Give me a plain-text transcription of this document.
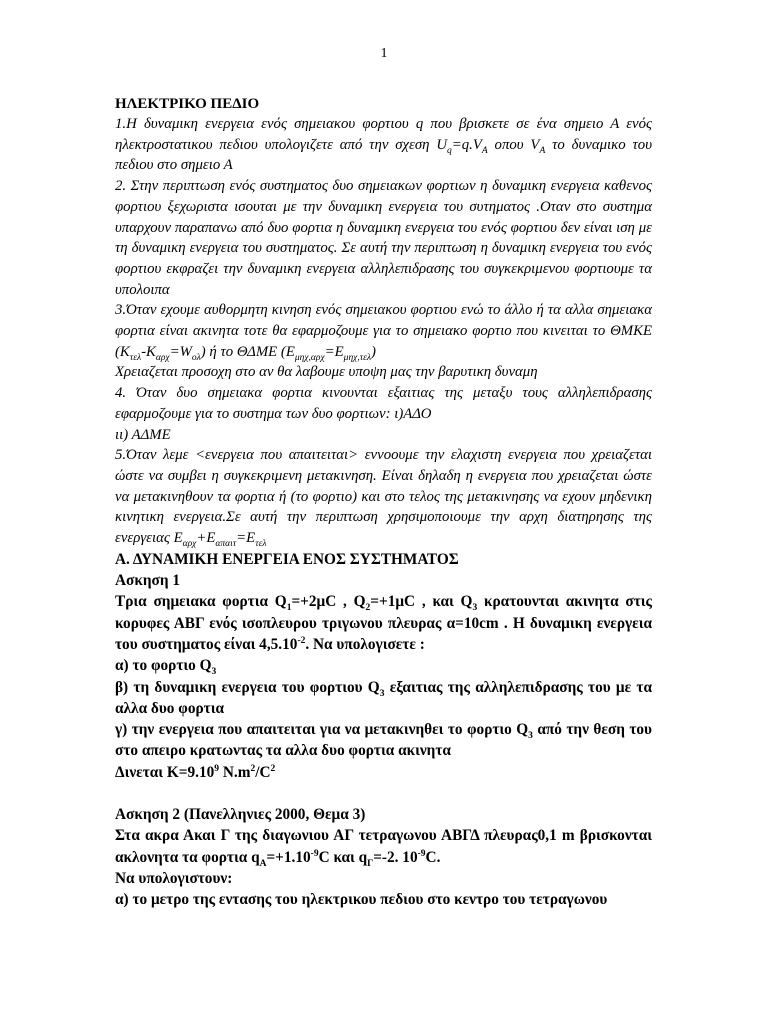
1

ΗΛΕΚΤΡΙΚΟ ΠΕΔΙΟ

1.Η δυναμικη ενεργεια ενός σημειακου φορτιου q που βρισκετε σε ένα σημειο Α ενός ηλεκτροστατικου πεδιου υπολογιζετε από την σχεση $U_q=q.V_A$ οπου $V_A$ το δυναμικο του πεδιου στο σημειο Α

2. Στην περιπτωση ενός συστηματος δυο σημειακων φορτιων η δυναμικη ενεργεια καθενος φορτιου ξεχωριστα ισουται με την δυναμικη ενεργεια του συτηματος .Οταν στο συστημα υπαρχουν παραπανω από δυο φορτια η δυναμικη ενεργεια του ενός φορτιου δεν είναι ιση με τη δυναμικη ενεργεια του συστηματος. Σε αυτή την περιπτωση η δυναμικη ενεργεια του ενός φορτιου εκφραζει την δυναμικη ενεργεια αλληλεπιδρασης του συγκεκριμενου φορτιουμε τα υπολοιπα

3.Όταν εχουμε αυθορμητη κινηση ενός σημειακου φορτιου ενώ το άλλο ή τα αλλα σημειακα φορτια είναι ακινητα τοτε θα εφαρμοζουμε για το σημειακο φορτιο που κινειται το ΘΜΚΕ $(K_{\tau\varepsilon\lambda}-K_{\alpha\rho\chi}=W_{o\lambda})$ ή το ΘΔΜΕ $(E_{\mu\eta\chi,\alpha\rho\chi}=E_{\mu\eta\chi,\tau\varepsilon\lambda})$

Χρειαζεται προσοχη στο αν θα λαβουμε υποψη μας την βαρυτικη δυναμη

4. Όταν δυο σημειακα φορτια κινουνται εξαιτιας της μεταξυ τους αλληλεπιδρασης εφαρμοζουμε για το συστημα των δυο φορτιων: ι)ΑΔΟ

ιι) ΑΔΜΕ

5.Όταν λεμε <ενεργεια που απαιτειται> εννοουμε την ελαχιστη ενεργεια που χρειαζεται ώστε να συμβει η συγκεκριμενη μετακινηση. Είναι δηλαδη η ενεργεια που χρειαζεται ώστε να μετακινηθουν τα φορτια ή (το φορτιο) και στο τελος της μετακινησης να εχουν μηδενικη κινητικη ενεργεια.Σε αυτή την περιπτωση χρησιμοποιουμε την αρχη διατηρησης της ενεργειας $E_{\alpha\rho\chi}+E_{\alpha\pi\alpha\iota\tau}=E_{\tau\varepsilon\lambda}$

Α. ΔΥΝΑΜΙΚΗ ΕΝΕΡΓΕΙΑ ΕΝΟΣ ΣΥΣΤΗΜΑΤΟΣ

Ασκηση 1

Τρια σημειακα φορτια $Q_1=+2\mu C$ , $Q_2=+1\mu C$ , και $Q_3$ κρατουνται ακινητα στις κορυφες ΑΒΓ ενός ισοπλευρου τριγωνου πλευρας α=10cm . Η δυναμικη ενεργεια του συστηματος είναι $4,5.10^{-2}$. Να υπολογισετε :

α) το φορτιο $Q_3$

β) τη δυναμικη ενεργεια του φορτιου $Q_3$ εξαιτιας της αλληλεπιδρασης του με τα αλλα δυο φορτια

γ) την ενεργεια που απαιτειται για να μετακινηθει το φορτιο $Q_3$ από την θεση του στο απειρο κρατωντας τα αλλα δυο φορτια ακινητα

Δινεται $K=9.10^9$ $N.m^2/C^2$

Ασκηση 2 (Πανελληνιες 2000, Θεμα 3)

Στα ακρα Ακαι Γ της διαγωνιου ΑΓ τετραγωνου ΑΒΓΔ πλευρας0,1 m βρισκονται ακλονητα τα φορτια $q_A=+1.10^{-9}C$ και $q_\Gamma=-2$. $10^{-9}C$.

Να υπολογιστουν:

α) το μετρο της εντασης του ηλεκτρικου πεδιου στο κεντρο του τετραγωνου
